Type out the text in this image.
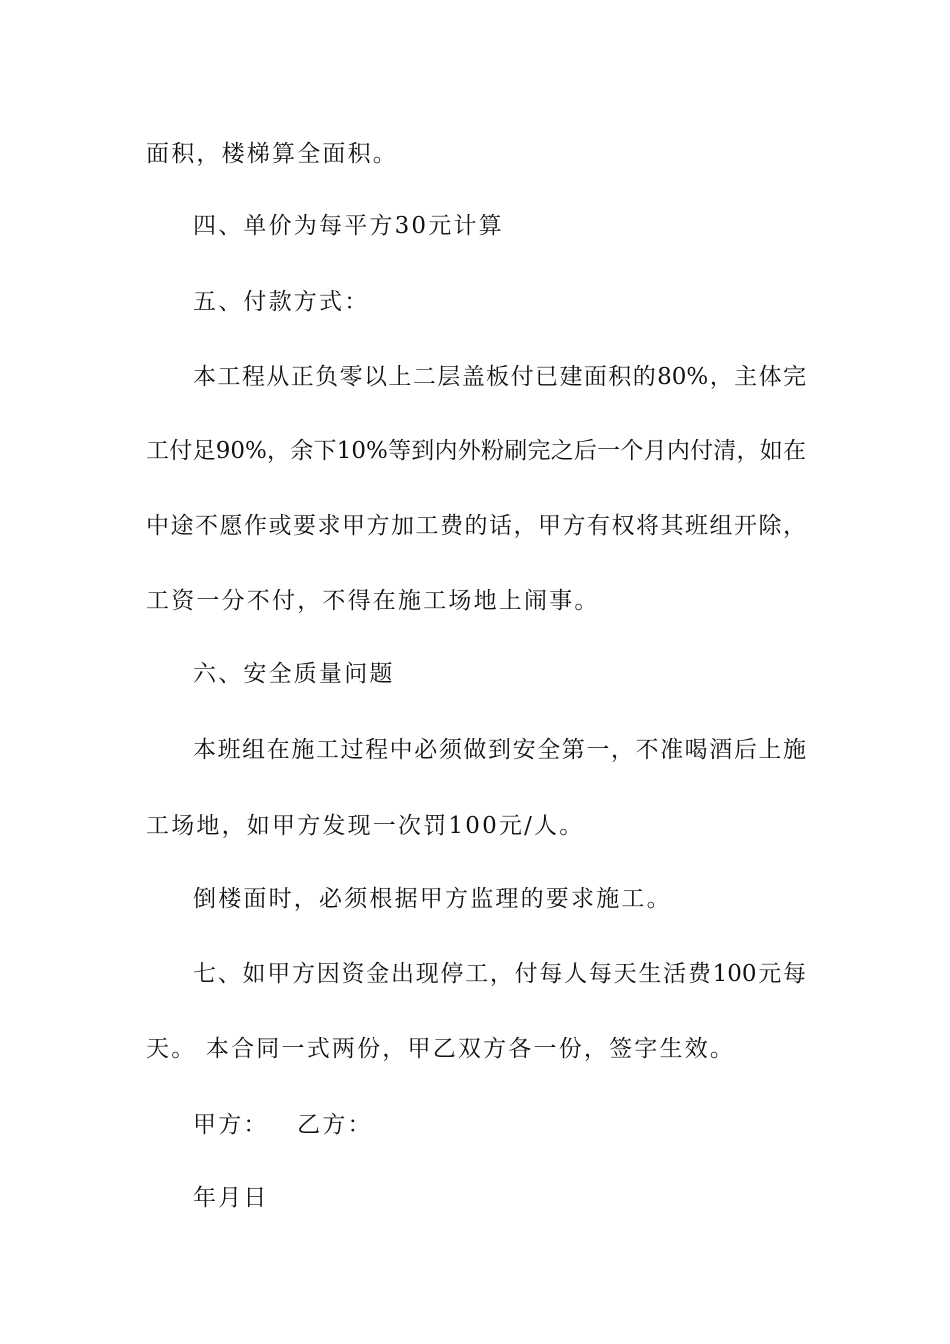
面积，楼梯算全面积。
四、单价为每平方30元计算
五、付款方式：
本工程从正负零以上二层盖板付已建面积的80%，主体完
工付足90%，余下10%等到内外粉刷完之后一个月内付清，如在
中途不愿作或要求甲方加工费的话，甲方有权将其班组开除，
工资一分不付，不得在施工场地上闹事。
六、安全质量问题
本班组在施工过程中必须做到安全第一，不准喝酒后上施
工场地，如甲方发现一次罚100元/人。
倒楼面时，必须根据甲方监理的要求施工。
七、如甲方因资金出现停工，付每人每天生活费100元每
天。 本合同一式两份，甲乙双方各一份，签字生效。
甲方：   乙方：
年月日
